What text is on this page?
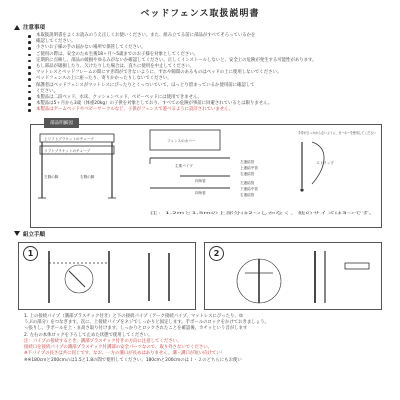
ベッドフェンス取扱説明書
注意事項
本取扱説明書をよくお読みのうえ正しくお使いください。また、組み立てる前に部品がすべてそろっているかを
確認してください。
小さいお子様の手の届かない場所で保管してください。
ご使用の際は、安全のため生後18ヶ月〜5歳までのお子様を対象としてください。
定期的に点検し、部品の破損やゆるみがないか確認してください。正しくインストールしないと、安全上の危険が発生する可能性があります。
もし部品が破損したり、欠けたりした場合は、直ちに使用を中止してください。
マットレスとベッドフレームの間にすき間ができないように、ずれや隙間のあるものはベッドの上に使用しないでください。
ベッドフェンスの上に座ったり、寄りかかったりしないでください。
保護者はベッドフェンスがマットレスにぴったりとくっついていて、ほっとり留まっているか使用前に確認して
ください。
本製品は二段ベッド、水床、クッションベッド、ベビーベッドには使用できません。
本製品は5ヶ月から3歳（体重20kg）の子供を対象としており、すべての危険が事前に回避されているとは限りません。
本製品はゲームベッドやベビーサークルなど、子供がフェンスで遊べるように設計されていません。
部品明細図
上リフトブラケットのチューブ
リフトブラケットのチューブ
左側の脚	右側の脚
フェンスのカバー
主要パイプ
四角管
四角管
左連結管
上連結中管
右連結管
左連結管
下連結中管
右連結管
手券がひっかからないように、ガーネーを使用してください
ストラップ
注：1.2mと1.5mの上部分は2つしかなく、他のサイズは3つです。
組立手順
1	2

1. 上の接続パイプ（溝部プラスチック付き）と下の接続パイプ（アーク接続パイプ、マットレスにぴったり、ゆ

うぶの部分）をつなぎます。次に、上接続パイプをネジでしっかりと固定します。手ボールのロックをかけておきましょう。

っ張りし、手ボールを上・ま高さ取り付けます。しっかりとロックされたことを確認後、カチッという音がします

2. 左右の本体ロックを下ろして止めた状態で使用してください。

注：パイプの接続するとき、溝部プラスチック付きの方向に注意してください。

接続口を接続パイプの溝部プラスチック付溝部の安全パーツなので、取り外さないでください。

※下パイプの長さは共に同じです。なお、一方の溝口が長めはありません。溝・溝口が短い向けてい！

※※180cmと200cmのは1.5と1.8の間で使用してください。180cmと200cmのは１・２のどちらにもお使い
